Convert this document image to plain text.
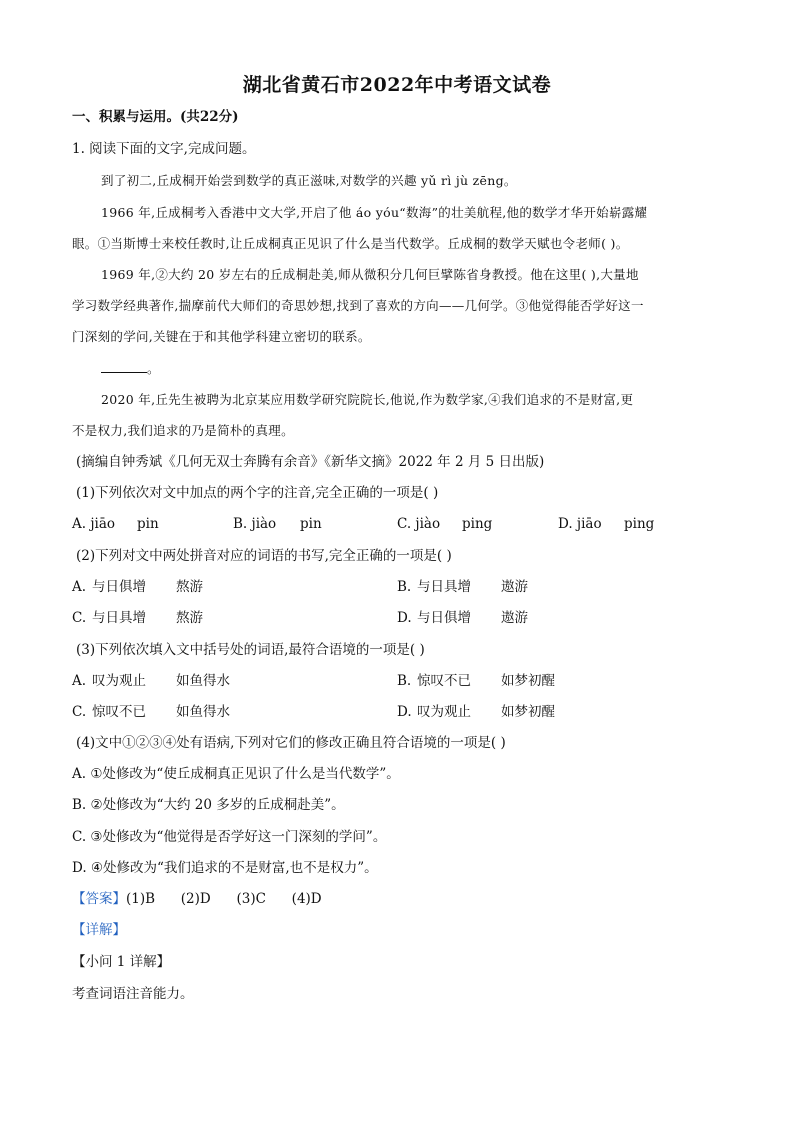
湖北省黄石市2022年中考语文试卷
一、积累与运用。(共22分)
1. 阅读下面的文字,完成问题。
到了初二,丘成桐开始尝到数学的真正滋味,对数学的兴趣 yǔ rì jù zēng。
1966 年,丘成桐考入香港中文大学,开启了他 áo yóu“数海”的壮美航程,他的数学才华开始崭露耀
眼。①当斯博士来校任教时,让丘成桐真正见识了什么是当代数学。丘成桐的数学天赋也令老师( )。
1969 年,②大约 20 岁左右的丘成桐赴美,师从微积分几何巨擘陈省身教授。他在这里( ),大量地
学习数学经典著作,揣摩前代大师们的奇思妙想,找到了喜欢的方向——几何学。③他觉得能否学好这一
门深刻的学问,关键在于和其他学科建立密切的联系。
。
2020 年,丘先生被聘为北京某应用数学研究院院长,他说,作为数学家,④我们追求的不是财富,更
不是权力,我们追求的乃是简朴的真理。
(摘编自钟秀斌《几何无双士奔腾有余音》《新华文摘》2022 年 2 月 5 日出版)
(1)下列依次对文中加点的两个字的注音,完全正确的一项是( )
A. jiāo pin	B. jiào pin	C. jiào ping	D. jiāo ping
(2)下列对文中两处拼音对应的词语的书写,完全正确的一项是( )
A. 与日俱增 熬游	B. 与日具增 遨游
C. 与日具增 熬游	D. 与日俱增 遨游
(3)下列依次填入文中括号处的词语,最符合语境的一项是( )
A. 叹为观止 如鱼得水	B. 惊叹不已 如梦初醒
C. 惊叹不已 如鱼得水	D. 叹为观止 如梦初醒
(4)文中①②③④处有语病,下列对它们的修改正确且符合语境的一项是( )
A. ①处修改为“使丘成桐真正见识了什么是当代数学”。
B. ②处修改为“大约 20 多岁的丘成桐赴美”。
C. ③处修改为“他觉得是否学好这一门深刻的学问”。
D. ④处修改为“我们追求的不是财富,也不是权力”。
【答案】(1)B      (2)D      (3)C      (4)D
【详解】
【小问 1 详解】
考查词语注音能力。
